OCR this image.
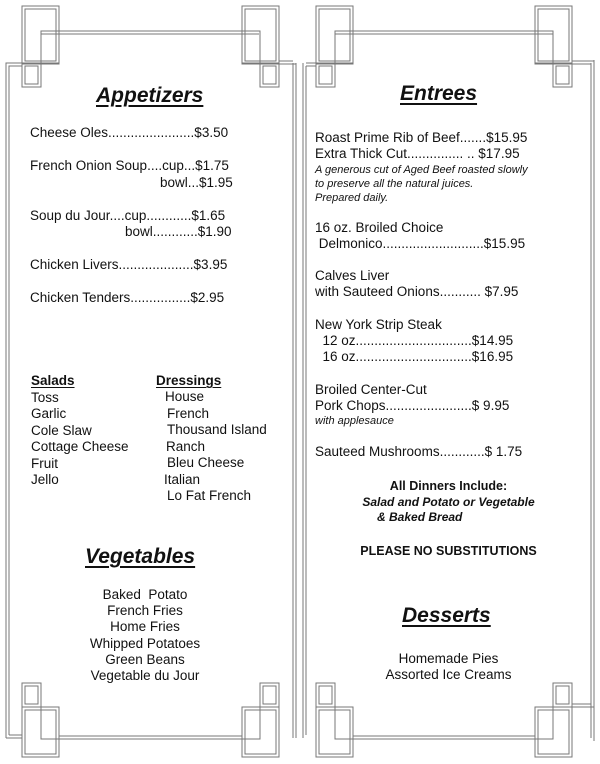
Appetizers
Cheese Oles.......................$3.50
French Onion Soup....cup...$1.75
bowl...$1.95
Soup du Jour....cup............$1.65
bowl............$1.90
Chicken Livers....................$3.95
Chicken Tenders................$2.95
Salads
Toss
Garlic
Cole Slaw
Cottage Cheese
Fruit
Jello
Dressings
House
French
Thousand Island
Ranch
Bleu Cheese
Italian
Lo Fat French
Vegetables
Baked  Potato
French Fries
Home Fries
Whipped Potatoes
Green Beans
Vegetable du Jour
Entrees
Roast Prime Rib of Beef.......$15.95
Extra Thick Cut............... .. $17.95
A generous cut of Aged Beef roasted slowly
to preserve all the natural juices.
Prepared daily.
16 oz. Broiled Choice
Delmonico...........................$15.95
Calves Liver
with Sauteed Onions........... $7.95
New York Strip Steak
12 oz...............................$14.95
16 oz...............................$16.95
Broiled Center-Cut
Pork Chops.......................$ 9.95
with applesauce
Sauteed Mushrooms............$ 1.75
All Dinners Include:
Salad and Potato or Vegetable
& Baked Bread
PLEASE NO SUBSTITUTIONS
Desserts
Homemade Pies
Assorted Ice Creams
